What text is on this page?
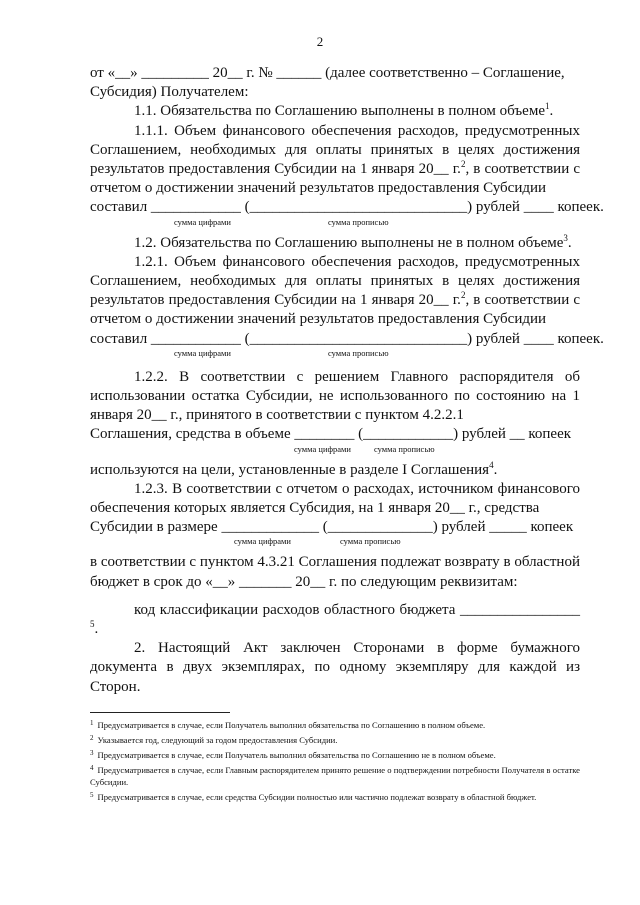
2

от «__» _________ 20__ г. № ______ (далее соответственно – Соглашение,

Субсидия) Получателем:

1.1. Обязательства по Соглашению выполнены в полном объеме$^1$.

1.1.1. Объем финансового обеспечения расходов, предусмотренных Соглашением, необходимых для оплаты принятых в целях достижения результатов предоставления Субсидии на 1 января 20__ г.$^2$, в соответствии с отчетом о достижении значений результатов предоставления Субсидии

составил ____________ (_____________________________) рублей ____ копеек.

сумма цифрами	сумма прописью

1.2. Обязательства по Соглашению выполнены не в полном объеме$^3$.

1.2.1. Объем финансового обеспечения расходов, предусмотренных Соглашением, необходимых для оплаты принятых в целях достижения результатов предоставления Субсидии на 1 января 20__ г.$^2$, в соответствии с отчетом о достижении значений результатов предоставления Субсидии

составил ____________ (_____________________________) рублей ____ копеек.

сумма цифрами	сумма прописью

1.2.2. В соответствии с решением Главного распорядителя об использовании остатка Субсидии, не использованного по состоянию на 1 января 20__ г., принятого в соответствии с пунктом 4.2.2.1

Соглашения, средства в объеме ________ (____________) рублей __ копеек

сумма цифрами	сумма прописью

используются на цели, установленные в разделе I Соглашения$^4$.

1.2.3. В соответствии с отчетом о расходах, источником финансового обеспечения которых является Субсидия, на 1 января 20__ г., средства

Субсидии в размере _____________ (______________) рублей _____ копеек

сумма цифрами	сумма прописью

в соответствии с пунктом 4.3.21 Соглашения подлежат возврату в областной бюджет в срок до «__» _______ 20__ г. по следующим реквизитам:

код классификации расходов областного бюджета ________________ $^5$.

2. Настоящий Акт заключен Сторонами в форме бумажного документа в двух экземплярах, по одному экземпляру для каждой из Сторон.

$^1$ Предусматривается в случае, если Получатель выполнил обязательства по Соглашению в полном объеме.

$^2$ Указывается год, следующий за годом предоставления Субсидии.

$^3$ Предусматривается в случае, если Получатель выполнил обязательства по Соглашению не в полном объеме.

$^4$ Предусматривается в случае, если Главным распорядителем принято решение о подтверждении потребности Получателя в остатке Субсидии.

$^5$ Предусматривается в случае, если средства Субсидии полностью или частично подлежат возврату в областной бюджет.
